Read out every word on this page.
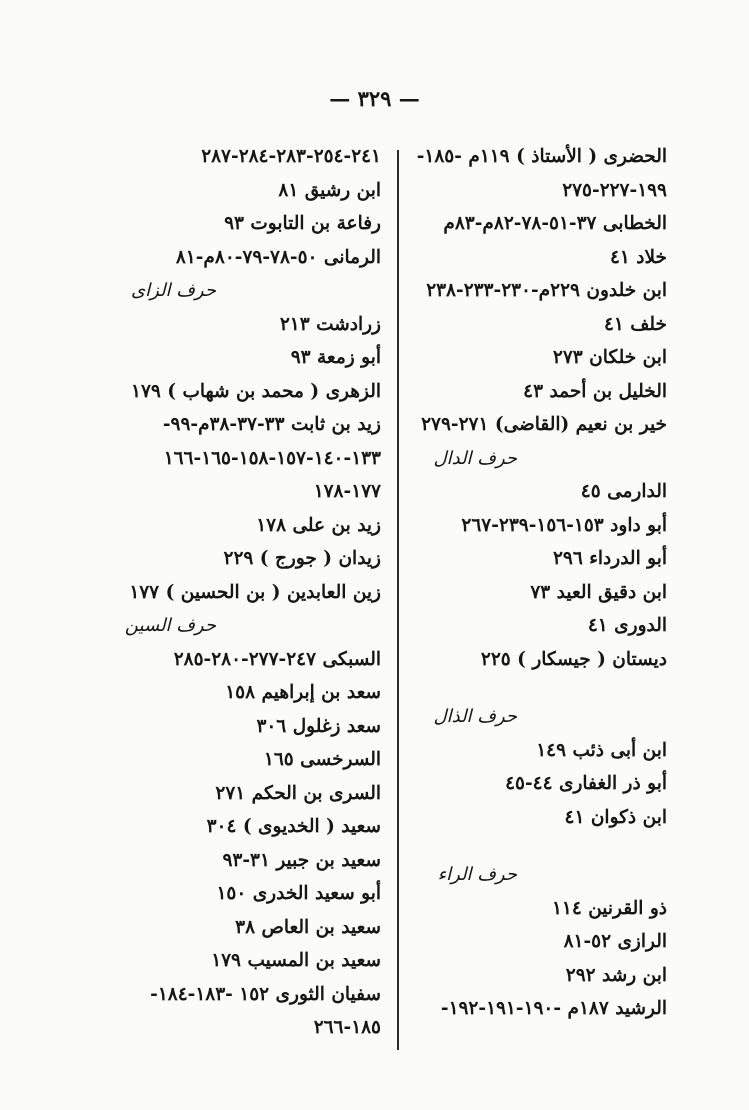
— ٣٢٩ —
الحضرى ( الأستاذ ) ١١٩م -١٨٥-
١٩٩-٢٢٧-٢٧٥
الخطابى ٣٧-٥١-٧٨-٨٢م-٨٣م
خلاد ٤١
ابن خلدون ٢٢٩م-٢٣٠-٢٣٣-٢٣٨
خلف ٤١
ابن خلكان ٢٧٣
الخليل بن أحمد ٤٣
خير بن نعيم (القاضى) ٢٧١-٢٧٩
حرف الدال
الدارمى ٤٥
أبو داود ١٥٣-١٥٦-٢٣٩-٢٦٧
أبو الدرداء ٢٩٦
ابن دقيق العيد ٧٣
الدورى ٤١
ديستان ( جيسكار ) ٢٢٥
حرف الذال
ابن أبى ذئب ١٤٩
أبو ذر الغفارى ٤٤-٤٥
ابن ذكوان ٤١
حرف الراء
ذو القرنين ١١٤
الرازى ٥٢-٨١
ابن رشد ٢٩٢
الرشيد ١٨٧م -١٩٠-١٩١-١٩٢-
٢٤١-٢٥٤-٢٨٣-٢٨٤-٢٨٧
ابن رشيق ٨١
رفاعة بن التابوت ٩٣
الرمانى ٥٠-٧٨-٧٩-٨٠م-٨١
حرف الزاى
زرادشت ٢١٣
أبو زمعة ٩٣
الزهرى ( محمد بن شهاب ) ١٧٩
زيد بن ثابت ٣٣-٣٧-٣٨م-٩٩-
١٣٣-١٤٠-١٥٧-١٥٨-١٦٥-١٦٦
١٧٧-١٧٨
زيد بن على ١٧٨
زيدان ( جورج ) ٢٢٩
زين العابدين ( بن الحسين ) ١٧٧
حرف السين
السبكى ٢٤٧-٢٧٧-٢٨٠-٢٨٥
سعد بن إبراهيم ١٥٨
سعد زغلول ٣٠٦
السرخسى ١٦٥
السرى بن الحكم ٢٧١
سعيد ( الخديوى ) ٣٠٤
سعيد بن جبير ٣١-٩٣
أبو سعيد الخدرى ١٥٠
سعيد بن العاص ٣٨
سعيد بن المسيب ١٧٩
سفيان الثورى ١٥٢ -١٨٣-١٨٤-
١٨٥-٢٦٦
